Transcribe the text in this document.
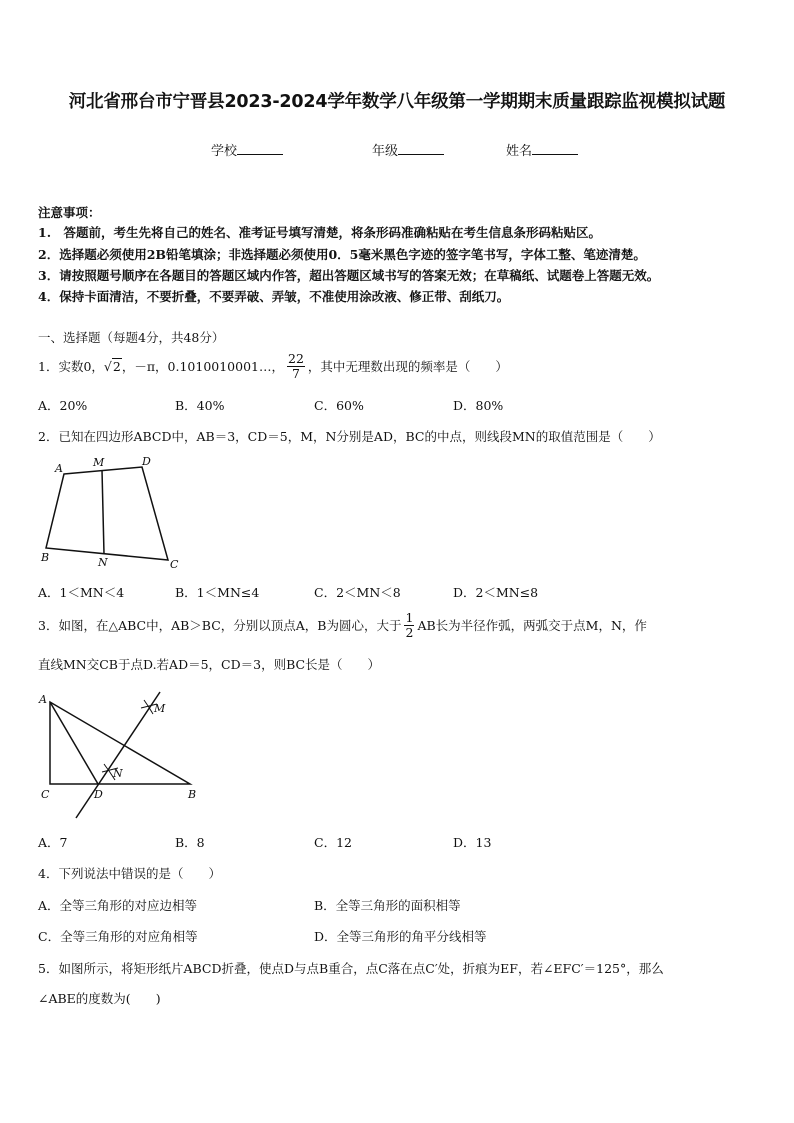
河北省邢台市宁晋县2023-2024学年数学八年级第一学期期末质量跟踪监视模拟试题
学校	年级	姓名
注意事项：
1.　答题前，考生先将自己的姓名、准考证号填写清楚，将条形码准确粘贴在考生信息条形码粘贴区。
2．选择题必须使用2B铅笔填涂；非选择题必须使用0．5毫米黑色字迹的签字笔书写，字体工整、笔迹清楚。
3．请按照题号顺序在各题目的答题区域内作答，超出答题区域书写的答案无效；在草稿纸、试题卷上答题无效。
4．保持卡面清洁，不要折叠，不要弄破、弄皱，不准使用涂改液、修正带、刮纸刀。
一、选择题（每题4分，共48分）
1．实数0， √2 ，－π，0.1010010001…， $\frac{22}{7}$ ，其中无理数出现的频率是（　　）
A．20%	B．40%	C．60%	D．80%
2．已知在四边形ABCD中，AB＝3，CD＝5，M，N分别是AD，BC的中点，则线段MN的取值范围是（　　）
A	M	D
B	N	C
A．1＜MN＜4	B．1＜MN≤4	C．2＜MN＜8	D．2＜MN≤8
3．如图，在△ABC中，AB＞BC，分别以顶点A，B为圆心，大于 $\frac{1}{2}$ AB长为半径作弧，两弧交于点M，N，作
直线MN交CB于点D.若AD＝5，CD＝3，则BC长是（　　）
A
M
N
C	D	B
A．7	B．8	C．12	D．13
4．下列说法中错误的是（　　）
A．全等三角形的对应边相等	B．全等三角形的面积相等
C．全等三角形的对应角相等	D．全等三角形的角平分线相等
5．如图所示，将矩形纸片ABCD折叠，使点D与点B重合，点C落在点C′处，折痕为EF，若∠EFC′＝125°，那么
∠ABE的度数为(　　)
